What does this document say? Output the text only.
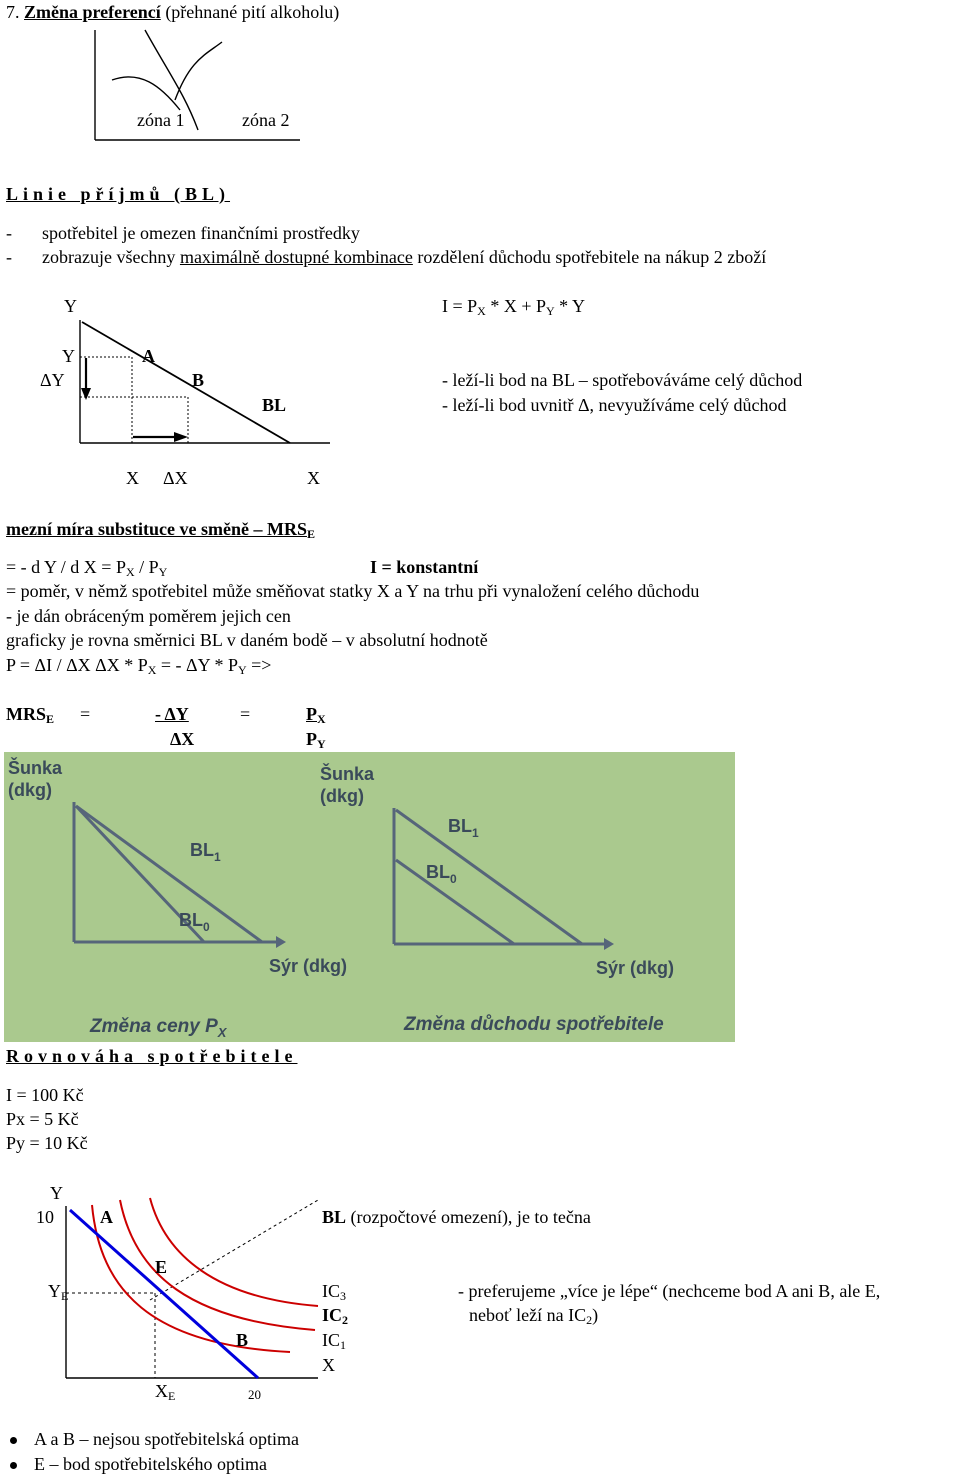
7. Změna preferencí (přehnané pití alkoholu)
zóna 1	zóna 2
Linie příjmů (BL)
- spotřebitel je omezen finančními prostředky
- zobrazuje všechny maximálně dostupné kombinace rozdělení důchodu spotřebitele na nákup 2 zboží
Y
Y	A
ΔY	B
BL
X ΔX	X
$I = P_X * X + P_Y * Y$
- leží-li bod na BL – spotřebováváme celý důchod
- leží-li bod uvnitř Δ, nevyužíváme celý důchod
mezní míra substituce ve směně – $MRS_E$
= - d Y / d $X = P_X / P_Y$	I = konstantní
= poměr, v němž spotřebitel může směňovat statky X a Y na trhu při vynaložení celého důchodu
- je dán obráceným poměrem jejich cen
graficky je rovna směrnici BL v daném bodě – v absolutní hodnotě
P = ΔI / ΔX ΔX * $P_X$ = - ΔY * $P_Y$ =>
$MRS_E$ =	- ΔY
ΔX
=	$P_X$
$P_Y$
Šunka
(dkg)
$BL_1$
$BL_0$
Sýr (dkg)
Změna ceny $P_X$
Šunka
(dkg)
$BL_1$
$BL_0$
Sýr (dkg)
Změna důchodu spotřebitele
Rovnováha spotřebitele
I = 100 Kč
Px = 5 Kč
Py = 10 Kč
Y
10	A	BL (rozpočtové omezení), je to tečna
E
$Y_E$
B
$X_E$	20
$IC_3$
$IC_2$
$IC_1$
X
- preferujeme „více je lépe“ (nechceme bod A ani B, ale E,
neboť leží na $IC_2$)
A a B – nejsou spotřebitelská optima
E – bod spotřebitelského optima
